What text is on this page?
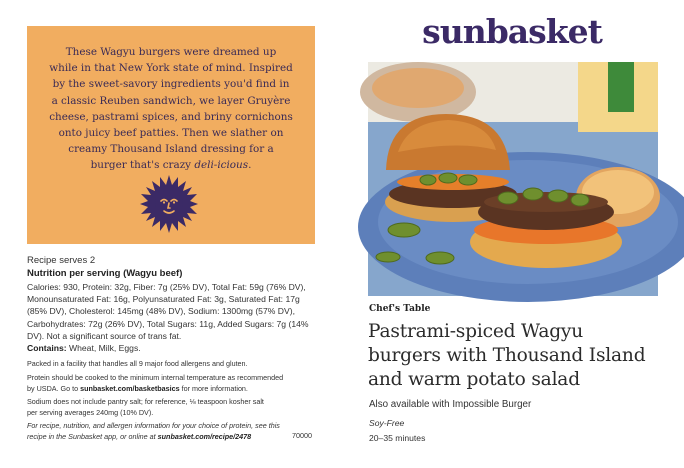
These Wagyu burgers were dreamed up
while in that New York state of mind. Inspired
by the sweet-savory ingredients you'd find in
a classic Reuben sandwich, we layer Gruyère
cheese, pastrami spices, and briny cornichons
onto juicy beef patties. Then we slather on
creamy Thousand Island dressing for a
burger that's crazy deli-icious.
Recipe serves 2
Nutrition per serving (Wagyu beef)
Calories: 930, Protein: 32g, Fiber: 7g (25% DV), Total Fat: 59g (76% DV),
Monounsaturated Fat: 16g, Polyunsaturated Fat: 3g, Saturated Fat: 17g
(85% DV), Cholesterol: 145mg (48% DV), Sodium: 1300mg (57% DV),
Carbohydrates: 72g (26% DV), Total Sugars: 11g, Added Sugars: 7g (14%
DV). Not a significant source of trans fat.
Contains: Wheat, Milk, Eggs.
Packed in a facility that handles all 9 major food allergens and gluten.
Protein should be cooked to the minimum internal temperature as recommended
by USDA. Go to sunbasket.com/basketbasics for more information.
Sodium does not include pantry salt; for reference, ⅛ teaspoon kosher salt
per serving averages 240mg (10% DV).
For recipe, nutrition, and allergen information for your choice of protein, see this
recipe in the Sunbasket app, or online at sunbasket.com/recipe/2478	70000
sunbasket
Chef's Table
Pastrami-spiced Wagyu
burgers with Thousand Island
and warm potato salad
Also available with Impossible Burger
Soy-Free
20–35 minutes
